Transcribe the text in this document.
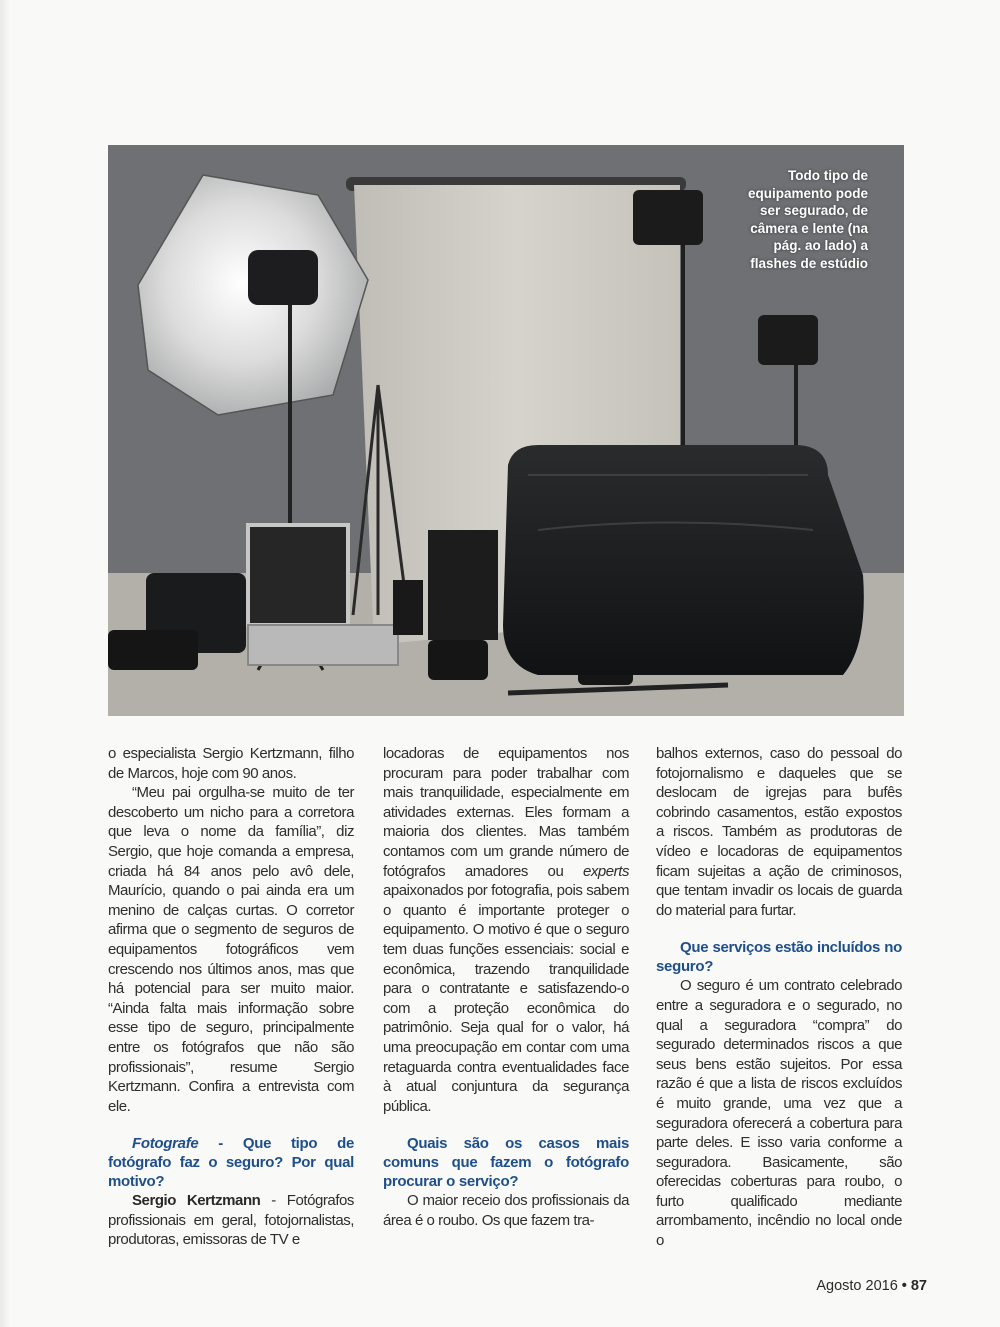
Todo tipo de
equipamento pode
ser segurado, de
câmera e lente (na
pág. ao lado) a
flashes de estúdio

o especialista Sergio Kertzmann, filho de Marcos, hoje com 90 anos.

“Meu pai orgulha-se muito de ter descoberto um nicho para a corretora que leva o nome da família”, diz Sergio, que hoje comanda a empresa, criada há 84 anos pelo avô dele, Maurício, quando o pai ainda era um menino de calças curtas. O corretor afirma que o segmento de seguros de equipamentos fotográficos vem crescendo nos últimos anos, mas que há potencial para ser muito maior. “Ainda falta mais informação sobre esse tipo de seguro, principalmente entre os fotógrafos que não são profissionais”, resume Sergio Kertzmann. Confira a entrevista com ele.

Fotografe - Que tipo de fotógrafo faz o seguro? Por qual motivo?

Sergio Kertzmann - Fotógrafos profissionais em geral, fotojornalistas, produtoras, emissoras de TV e

locadoras de equipamentos nos procuram para poder trabalhar com mais tranquilidade, especialmente em atividades externas. Eles formam a maioria dos clientes. Mas também contamos com um grande número de fotógrafos amadores ou experts apaixonados por fotografia, pois sabem o quanto é importante proteger o equipamento. O motivo é que o seguro tem duas funções essenciais: social e econômica, trazendo tranquilidade para o contratante e satisfazendo-o com a proteção econômica do patrimônio. Seja qual for o valor, há uma preocupação em contar com uma retaguarda contra eventualidades face à atual conjuntura da segurança pública.

Quais são os casos mais comuns que fazem o fotógrafo procurar o serviço?

O maior receio dos profissionais da área é o roubo. Os que fazem tra-

balhos externos, caso do pessoal do fotojornalismo e daqueles que se deslocam de igrejas para bufês cobrindo casamentos, estão expostos a riscos. Também as produtoras de vídeo e locadoras de equipamentos ficam sujeitas a ação de criminosos, que tentam invadir os locais de guarda do material para furtar.

Que serviços estão incluídos no seguro?

O seguro é um contrato celebrado entre a seguradora e o segurado, no qual a seguradora “compra” do segurado determinados riscos a que seus bens estão sujeitos. Por essa razão é que a lista de riscos excluídos é muito grande, uma vez que a seguradora oferecerá a cobertura para parte deles. E isso varia conforme a seguradora. Basicamente, são oferecidas coberturas para roubo, o furto qualificado mediante arrombamento, incêndio no local onde o

Agosto 2016 • 87
